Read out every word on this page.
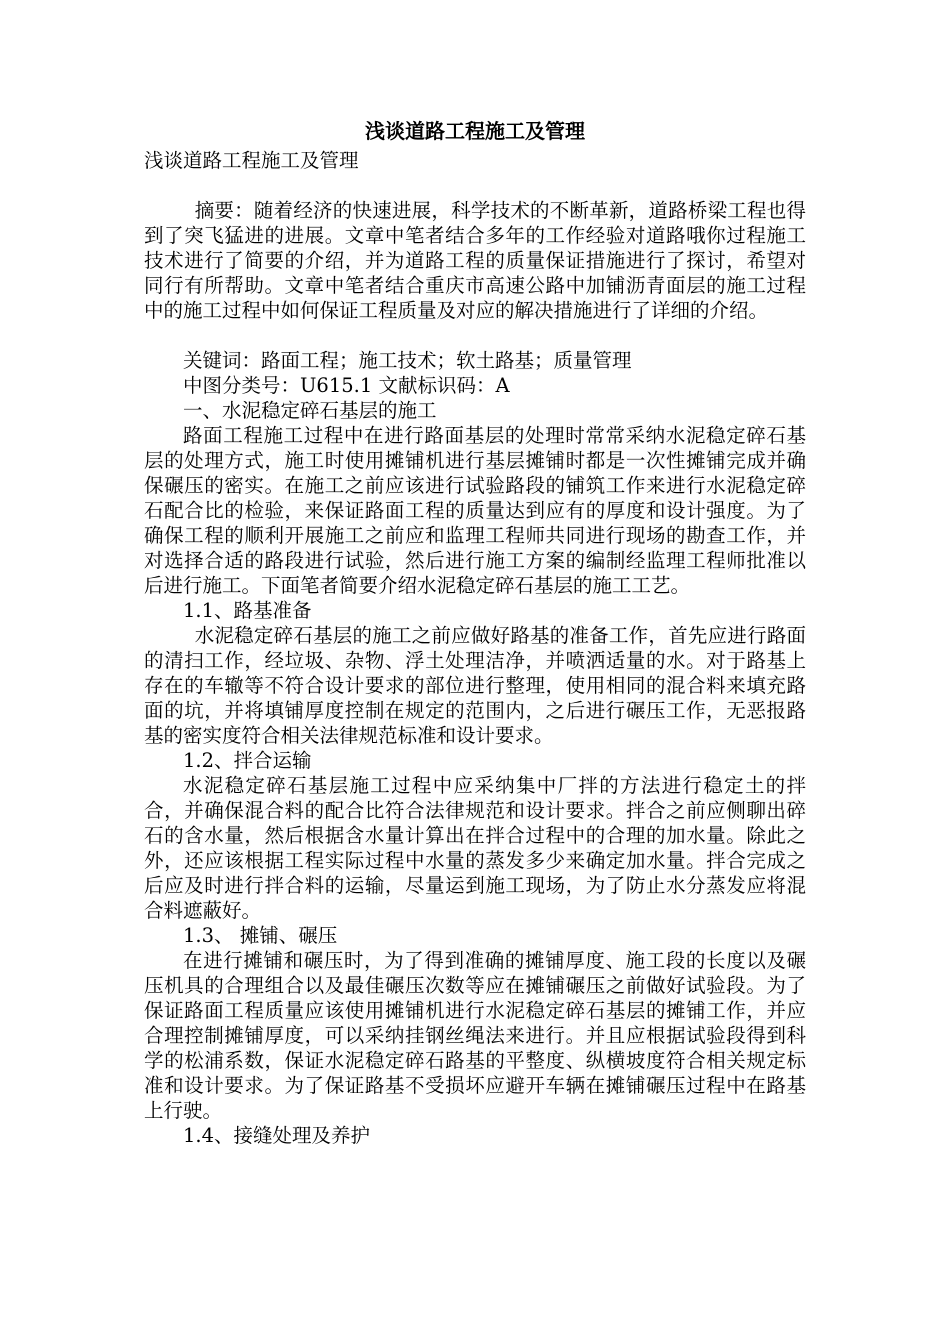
浅谈道路工程施工及管理

浅谈道路工程施工及管理

摘要：随着经济的快速进展，科学技术的不断革新，道路桥梁工程也得到了突飞猛进的进展。文章中笔者结合多年的工作经验对道路哦你过程施工技术进行了简要的介绍，并为道路工程的质量保证措施进行了探讨，希望对同行有所帮助。文章中笔者结合重庆市高速公路中加铺沥青面层的施工过程中的施工过程中如何保证工程质量及对应的解决措施进行了详细的介绍。

关键词：路面工程；施工技术；软土路基；质量管理

中图分类号：U615.1 文献标识码：A

一、水泥稳定碎石基层的施工

路面工程施工过程中在进行路面基层的处理时常常采纳水泥稳定碎石基层的处理方式，施工时使用摊铺机进行基层摊铺时都是一次性摊铺完成并确保碾压的密实。在施工之前应该进行试验路段的铺筑工作来进行水泥稳定碎石配合比的检验，来保证路面工程的质量达到应有的厚度和设计强度。为了确保工程的顺利开展施工之前应和监理工程师共同进行现场的勘查工作，并对选择合适的路段进行试验，然后进行施工方案的编制经监理工程师批准以后进行施工。下面笔者简要介绍水泥稳定碎石基层的施工工艺。

1.1、路基准备

水泥稳定碎石基层的施工之前应做好路基的准备工作，首先应进行路面的清扫工作，经垃圾、杂物、浮土处理洁净，并喷洒适量的水。对于路基上存在的车辙等不符合设计要求的部位进行整理，使用相同的混合料来填充路面的坑，并将填铺厚度控制在规定的范围内，之后进行碾压工作，无恶报路基的密实度符合相关法律规范标准和设计要求。

1.2、拌合运输

水泥稳定碎石基层施工过程中应采纳集中厂拌的方法进行稳定土的拌合，并确保混合料的配合比符合法律规范和设计要求。拌合之前应侧聊出碎石的含水量，然后根据含水量计算出在拌合过程中的合理的加水量。除此之外，还应该根据工程实际过程中水量的蒸发多少来确定加水量。拌合完成之后应及时进行拌合料的运输，尽量运到施工现场，为了防止水分蒸发应将混合料遮蔽好。

1.3、 摊铺、碾压

在进行摊铺和碾压时，为了得到准确的摊铺厚度、施工段的长度以及碾压机具的合理组合以及最佳碾压次数等应在摊铺碾压之前做好试验段。为了保证路面工程质量应该使用摊铺机进行水泥稳定碎石基层的摊铺工作，并应合理控制摊铺厚度，可以采纳挂钢丝绳法来进行。并且应根据试验段得到科学的松浦系数，保证水泥稳定碎石路基的平整度、纵横坡度符合相关规定标准和设计要求。为了保证路基不受损坏应避开车辆在摊铺碾压过程中在路基上行驶。

1.4、接缝处理及养护
